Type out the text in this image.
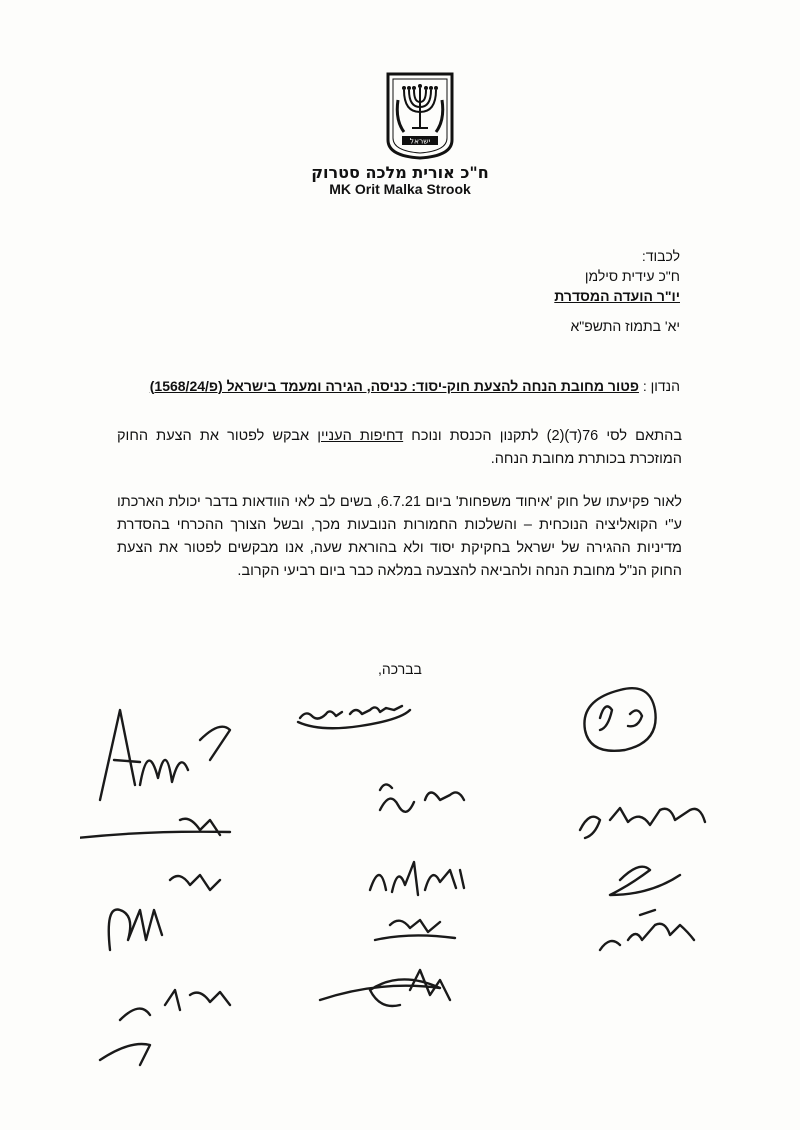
ישראל
ח"כ אורית מלכה סטרוק
MK Orit Malka Strook
לכבוד:
ח"כ עידית סילמן
יו"ר הועדה המסדרת
יא' בתמוז התשפ"א
הנדון : פטור מחובת הנחה להצעת חוק-יסוד: כניסה, הגירה ומעמד בישראל (פ/1568/24)
בהתאם לסי 76(ד)(2) לתקנון הכנסת ונוכח דחיפות העניין אבקש לפטור את הצעת החוק המוזכרת בכותרת מחובת הנחה.
לאור פקיעתו של חוק 'איחוד משפחות' ביום 6.7.21, בשים לב לאי הוודאות בדבר יכולת הארכתו ע"י הקואליציה הנוכחית – והשלכות החמורות הנובעות מכך, ובשל הצורך ההכרחי בהסדרת מדיניות ההגירה של ישראל בחקיקת יסוד ולא בהוראת שעה, אנו מבקשים לפטור את הצעת החוק הנ"ל מחובת הנחה ולהביאה להצבעה במלאה כבר ביום רביעי הקרוב.
בברכה,
